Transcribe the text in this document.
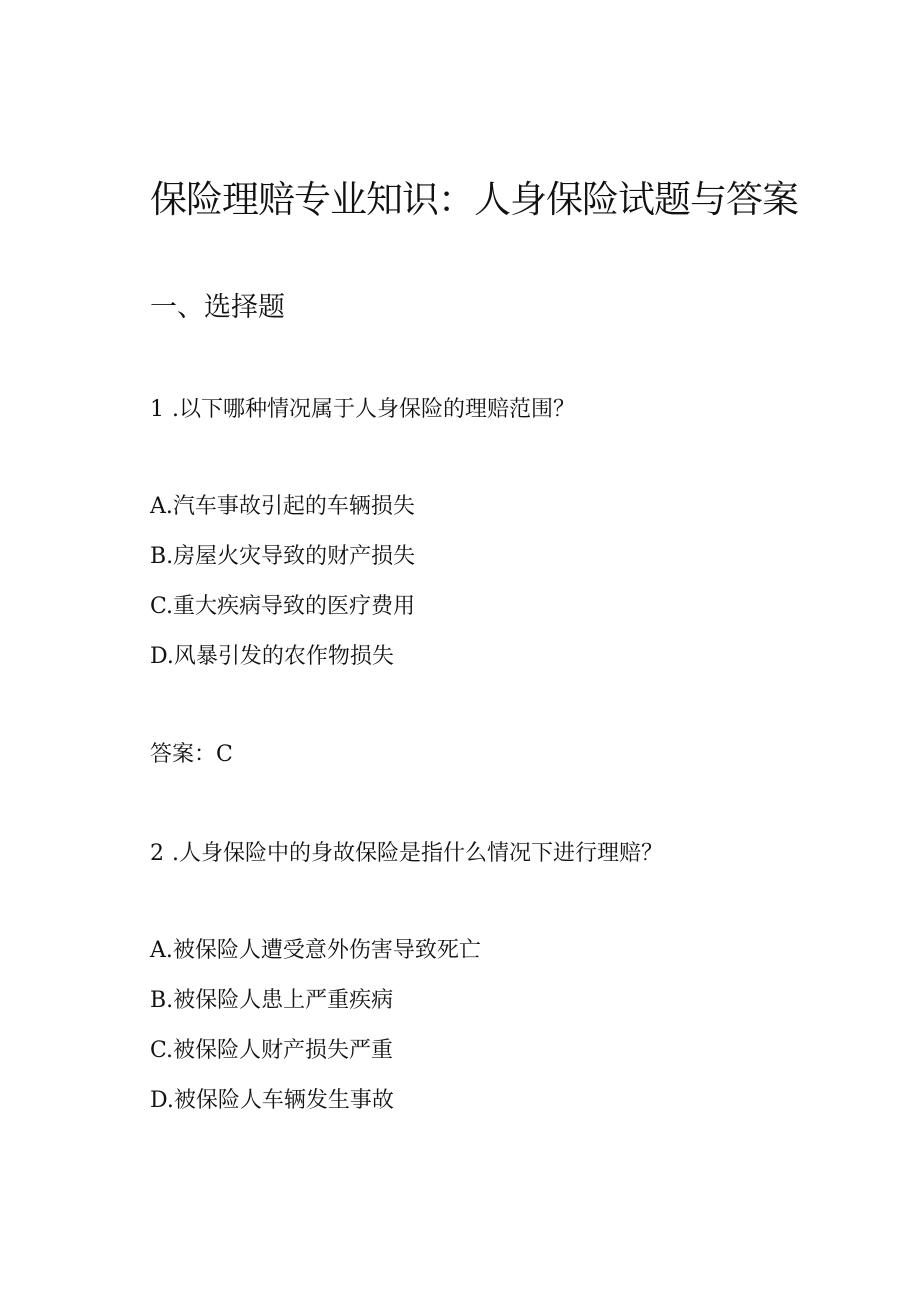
保险理赔专业知识：人身保险试题与答案
一、选择题
1 .以下哪种情况属于人身保险的理赔范围？
A.汽车事故引起的车辆损失
B.房屋火灾导致的财产损失
C.重大疾病导致的医疗费用
D.风暴引发的农作物损失
答案：C
2 .人身保险中的身故保险是指什么情况下进行理赔？
A.被保险人遭受意外伤害导致死亡
B.被保险人患上严重疾病
C.被保险人财产损失严重
D.被保险人车辆发生事故
